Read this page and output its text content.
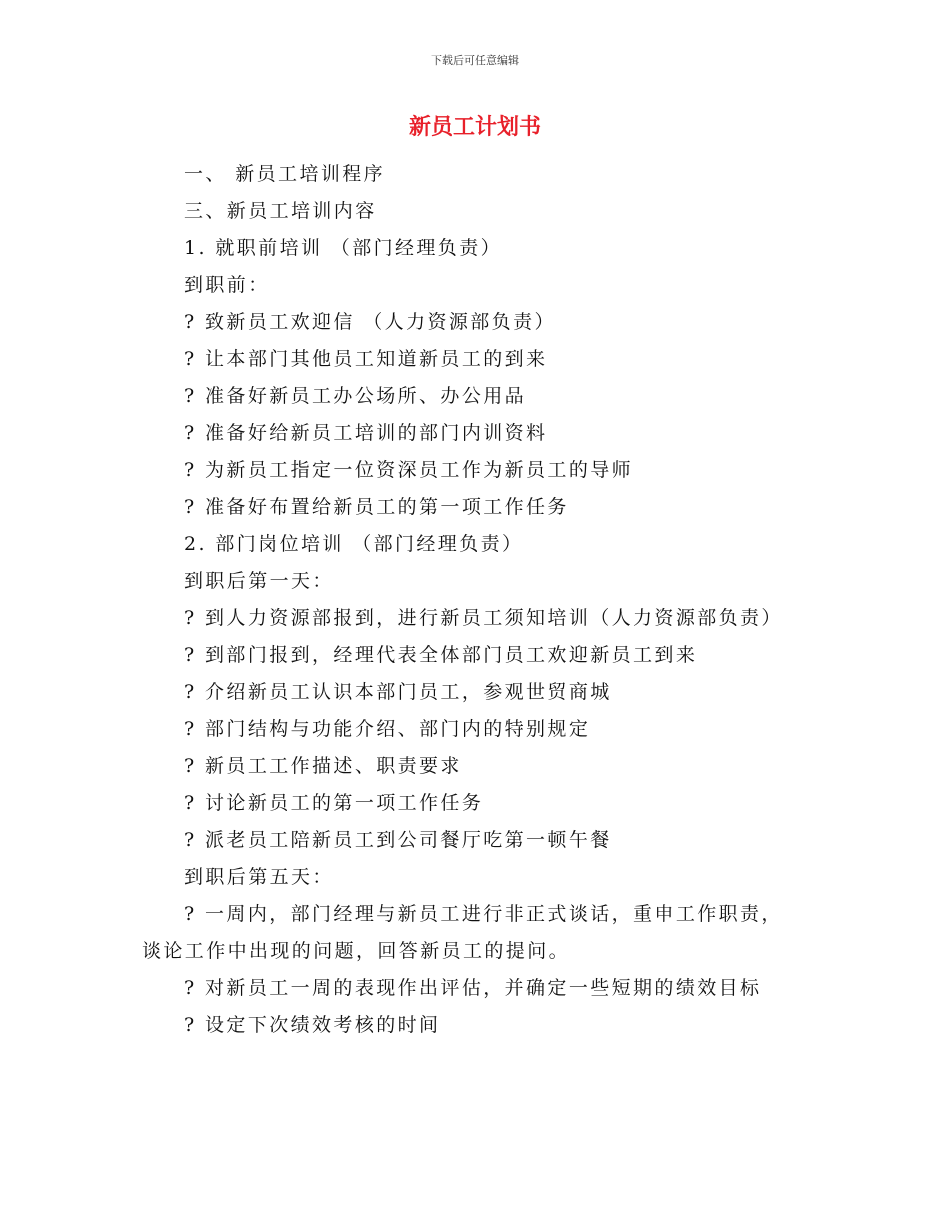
下载后可任意编辑
新员工计划书
一、 新员工培训程序
三、新员工培训内容
1. 就职前培训 （部门经理负责）
到职前：
? 致新员工欢迎信 （人力资源部负责）
? 让本部门其他员工知道新员工的到来
? 准备好新员工办公场所、办公用品
? 准备好给新员工培训的部门内训资料
? 为新员工指定一位资深员工作为新员工的导师
? 准备好布置给新员工的第一项工作任务
2. 部门岗位培训 （部门经理负责）
到职后第一天：
? 到人力资源部报到，进行新员工须知培训（人力资源部负责）
? 到部门报到，经理代表全体部门员工欢迎新员工到来
? 介绍新员工认识本部门员工，参观世贸商城
? 部门结构与功能介绍、部门内的特别规定
? 新员工工作描述、职责要求
? 讨论新员工的第一项工作任务
? 派老员工陪新员工到公司餐厅吃第一顿午餐
到职后第五天：
? 一周内，部门经理与新员工进行非正式谈话，重申工作职责，
谈论工作中出现的问题，回答新员工的提问。
? 对新员工一周的表现作出评估，并确定一些短期的绩效目标
? 设定下次绩效考核的时间
